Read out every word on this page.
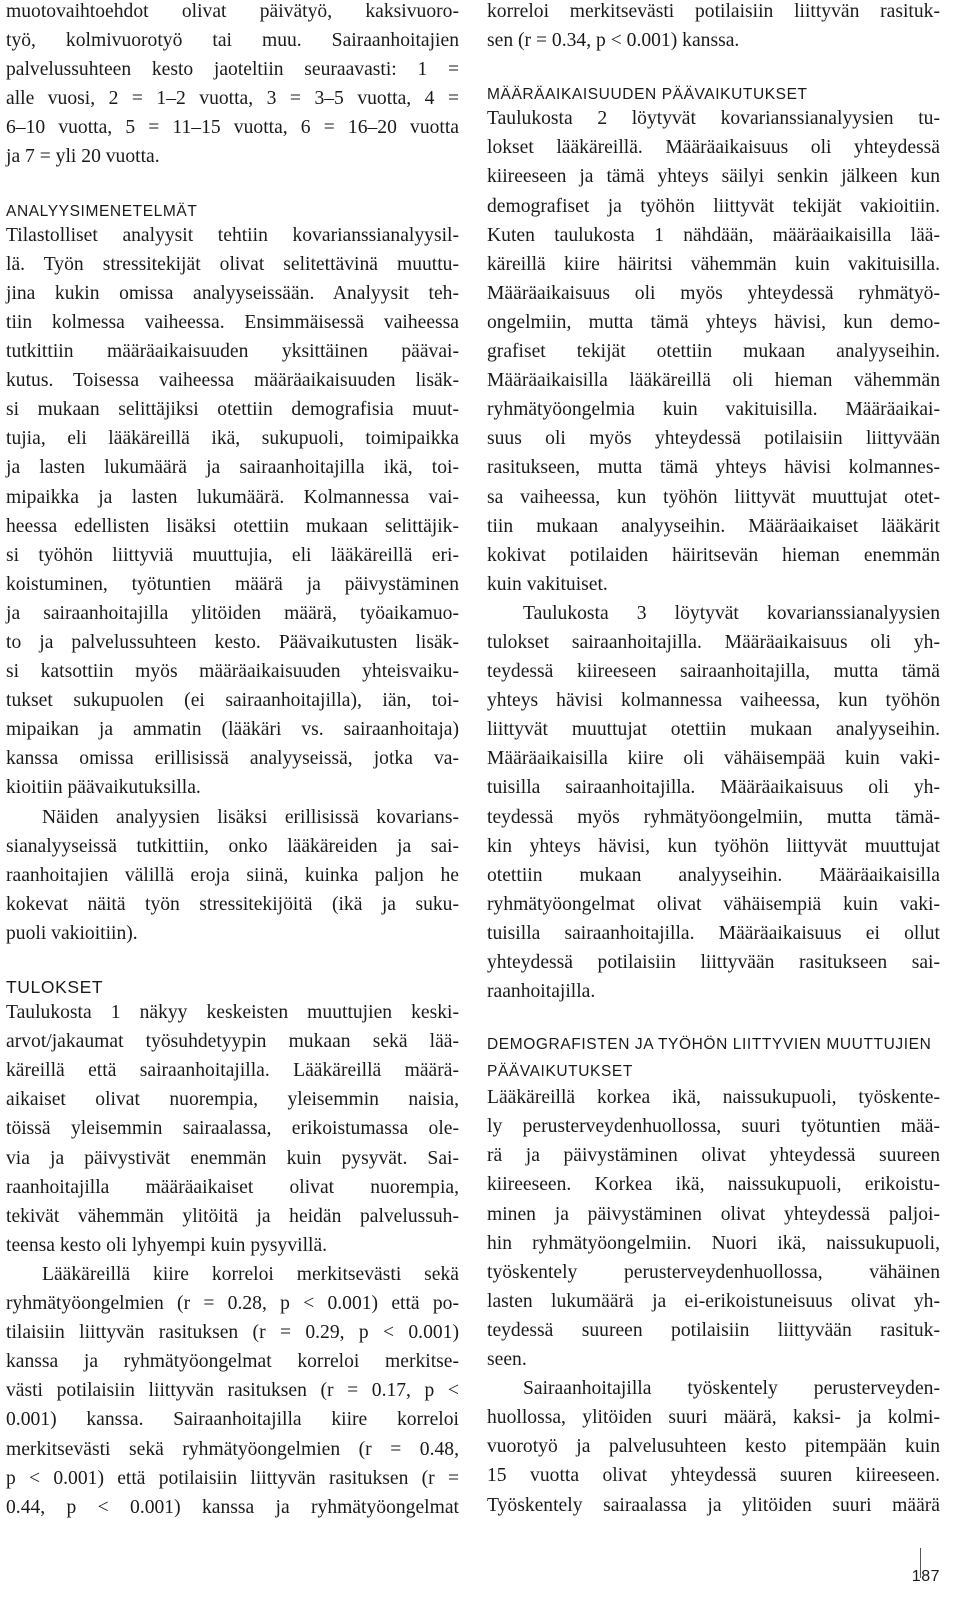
muotovaihtoehdot olivat päivätyö, kaksivuoro-
työ, kolmivuorotyö tai muu. Sairaanhoitajien
palvelussuhteen kesto jaoteltiin seuraavasti: 1 =
alle vuosi, 2 = 1–2 vuotta, 3 = 3–5 vuotta, 4 =
6–10 vuotta, 5 = 11–15 vuotta, 6 = 16–20 vuotta
ja 7 = yli 20 vuotta.
ANALYYSIMENETELMÄT
Tilastolliset analyysit tehtiin kovarianssianalyysil-
lä. Työn stressitekijät olivat selitettävinä muuttu-
jina kukin omissa analyyseissään. Analyysit teh-
tiin kolmessa vaiheessa. Ensimmäisessä vaiheessa
tutkittiin määräaikaisuuden yksittäinen päävai-
kutus. Toisessa vaiheessa määräaikaisuuden lisäk-
si mukaan selittäjiksi otettiin demografisia muut-
tujia, eli lääkäreillä ikä, sukupuoli, toimipaikka
ja lasten lukumäärä ja sairaanhoitajilla ikä, toi-
mipaikka ja lasten lukumäärä. Kolmannessa vai-
heessa edellisten lisäksi otettiin mukaan selittäjik-
si työhön liittyviä muuttujia, eli lääkäreillä eri-
koistuminen, työtuntien määrä ja päivystäminen
ja sairaanhoitajilla ylitöiden määrä, työaikamuo-
to ja palvelussuhteen kesto. Päävaikutusten lisäk-
si katsottiin myös määräaikaisuuden yhteisvaiku-
tukset sukupuolen (ei sairaanhoitajilla), iän, toi-
mipaikan ja ammatin (lääkäri vs. sairaanhoitaja)
kanssa omissa erillisissä analyyseissä, jotka va-
kioitiin päävaikutuksilla.
Näiden analyysien lisäksi erillisissä kovarians-
sianalyyseissä tutkittiin, onko lääkäreiden ja sai-
raanhoitajien välillä eroja siinä, kuinka paljon he
kokevat näitä työn stressitekijöitä (ikä ja suku-
puoli vakioitiin).
TULOKSET
Taulukosta 1 näkyy keskeisten muuttujien keski-
arvot/jakaumat työsuhdetyypin mukaan sekä lää-
käreillä että sairaanhoitajilla. Lääkäreillä määrä-
aikaiset olivat nuorempia, yleisemmin naisia,
töissä yleisemmin sairaalassa, erikoistumassa ole-
via ja päivystivät enemmän kuin pysyvät. Sai-
raanhoitajilla määräaikaiset olivat nuorempia,
tekivät vähemmän ylitöitä ja heidän palvelussuh-
teensa kesto oli lyhyempi kuin pysyvillä.
Lääkäreillä kiire korreloi merkitsevästi sekä
ryhmätyöongelmien (r = 0.28, p < 0.001) että po-
tilaisiin liittyvän rasituksen (r = 0.29, p < 0.001)
kanssa ja ryhmätyöongelmat korreloi merkitse-
västi potilaisiin liittyvän rasituksen (r = 0.17, p <
0.001) kanssa. Sairaanhoitajilla kiire korreloi
merkitsevästi sekä ryhmätyöongelmien (r = 0.48,
p < 0.001) että potilaisiin liittyvän rasituksen (r =
0.44, p < 0.001) kanssa ja ryhmätyöongelmat
korreloi merkitsevästi potilaisiin liittyvän rasituk-
sen (r = 0.34, p < 0.001) kanssa.
MÄÄRÄAIKAISUUDEN PÄÄVAIKUTUKSET
Taulukosta 2 löytyvät kovarianssianalyysien tu-
lokset lääkäreillä. Määräaikaisuus oli yhteydessä
kiireeseen ja tämä yhteys säilyi senkin jälkeen kun
demografiset ja työhön liittyvät tekijät vakioitiin.
Kuten taulukosta 1 nähdään, määräaikaisilla lää-
käreillä kiire häiritsi vähemmän kuin vakituisilla.
Määräaikaisuus oli myös yhteydessä ryhmätyö-
ongelmiin, mutta tämä yhteys hävisi, kun demo-
grafiset tekijät otettiin mukaan analyyseihin.
Määräaikaisilla lääkäreillä oli hieman vähemmän
ryhmätyöongelmia kuin vakituisilla. Määräaikai-
suus oli myös yhteydessä potilaisiin liittyvään
rasitukseen, mutta tämä yhteys hävisi kolmannes-
sa vaiheessa, kun työhön liittyvät muuttujat otet-
tiin mukaan analyyseihin. Määräaikaiset lääkärit
kokivat potilaiden häiritsevän hieman enemmän
kuin vakituiset.
Taulukosta 3 löytyvät kovarianssianalyysien
tulokset sairaanhoitajilla. Määräaikaisuus oli yh-
teydessä kiireeseen sairaanhoitajilla, mutta tämä
yhteys hävisi kolmannessa vaiheessa, kun työhön
liittyvät muuttujat otettiin mukaan analyyseihin.
Määräaikaisilla kiire oli vähäisempää kuin vaki-
tuisilla sairaanhoitajilla. Määräaikaisuus oli yh-
teydessä myös ryhmätyöongelmiin, mutta tämä-
kin yhteys hävisi, kun työhön liittyvät muuttujat
otettiin mukaan analyyseihin. Määräaikaisilla
ryhmätyöongelmat olivat vähäisempiä kuin vaki-
tuisilla sairaanhoitajilla. Määräaikaisuus ei ollut
yhteydessä potilaisiin liittyvään rasitukseen sai-
raanhoitajilla.
DEMOGRAFISTEN JA TYÖHÖN LIITTYVIEN MUUTTUJIEN
PÄÄVAIKUTUKSET
Lääkäreillä korkea ikä, naissukupuoli, työskente-
ly perusterveydenhuollossa, suuri työtuntien mää-
rä ja päivystäminen olivat yhteydessä suureen
kiireeseen. Korkea ikä, naissukupuoli, erikoistu-
minen ja päivystäminen olivat yhteydessä paljoi-
hin ryhmätyöongelmiin. Nuori ikä, naissukupuoli,
työskentely perusterveydenhuollossa, vähäinen
lasten lukumäärä ja ei-erikoistuneisuus olivat yh-
teydessä suureen potilaisiin liittyvään rasituk-
seen.
Sairaanhoitajilla työskentely perusterveyden-
huollossa, ylitöiden suuri määrä, kaksi- ja kolmi-
vuorotyö ja palvelusuhteen kesto pitempään kuin
15 vuotta olivat yhteydessä suuren kiireeseen.
Työskentely sairaalassa ja ylitöiden suuri määrä
187
